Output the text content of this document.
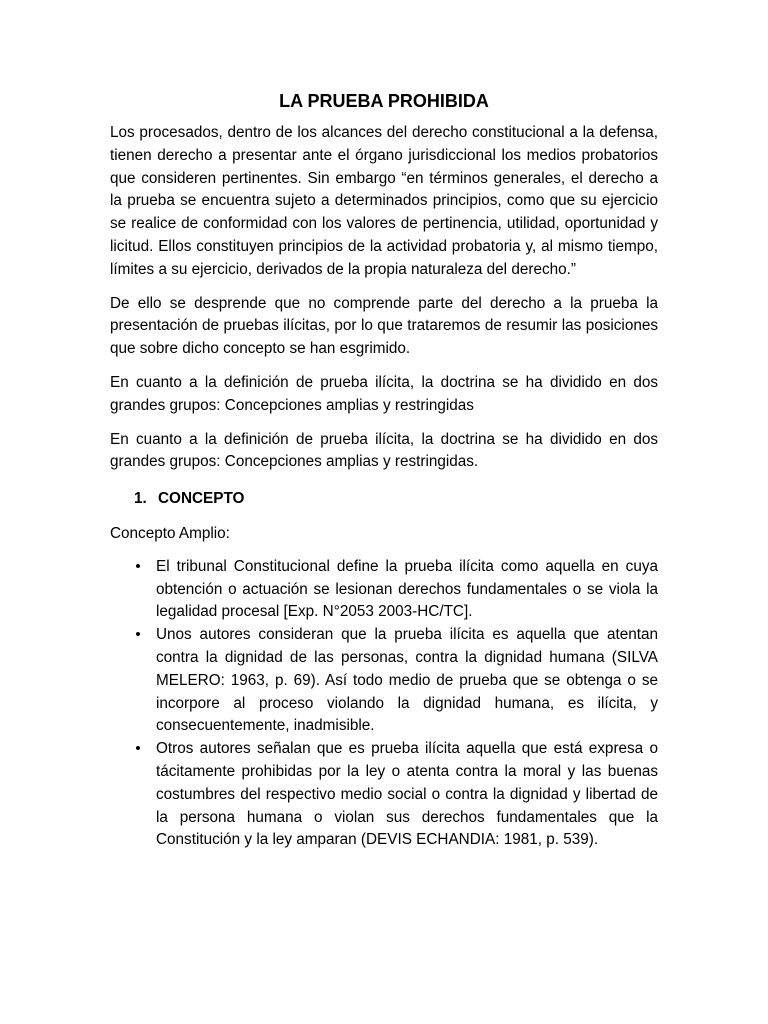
LA PRUEBA PROHIBIDA

Los procesados, dentro de los alcances del derecho constitucional a la defensa, tienen derecho a presentar ante el órgano jurisdiccional los medios probatorios que consideren pertinentes. Sin embargo “en términos generales, el derecho a la prueba se encuentra sujeto a determinados principios, como que su ejercicio se realice de conformidad con los valores de pertinencia, utilidad, oportunidad y licitud. Ellos constituyen principios de la actividad probatoria y, al mismo tiempo, límites a su ejercicio, derivados de la propia naturaleza del derecho.”

De ello se desprende que no comprende parte del derecho a la prueba la presentación de pruebas ilícitas, por lo que trataremos de resumir las posiciones que sobre dicho concepto se han esgrimido.

En cuanto a la definición de prueba ilícita, la doctrina se ha dividido en dos grandes grupos: Concepciones amplias y restringidas

En cuanto a la definición de prueba ilícita, la doctrina se ha dividido en dos grandes grupos: Concepciones amplias y restringidas.

1. CONCEPTO
Concepto Amplio:
• El tribunal Constitucional define la prueba ilícita como aquella en cuya obtención o actuación se lesionan derechos fundamentales o se viola la legalidad procesal [Exp. N°2053 2003-HC/TC].
• Unos autores consideran que la prueba ilícita es aquella que atentan contra la dignidad de las personas, contra la dignidad humana (SILVA MELERO: 1963, p. 69). Así todo medio de prueba que se obtenga o se incorpore al proceso violando la dignidad humana, es ilícita, y consecuentemente, inadmisible.
• Otros autores señalan que es prueba ilícita aquella que está expresa o tácitamente prohibidas por la ley o atenta contra la moral y las buenas costumbres del respectivo medio social o contra la dignidad y libertad de la persona humana o violan sus derechos fundamentales que la Constitución y la ley amparan (DEVIS ECHANDIA: 1981, p. 539).
